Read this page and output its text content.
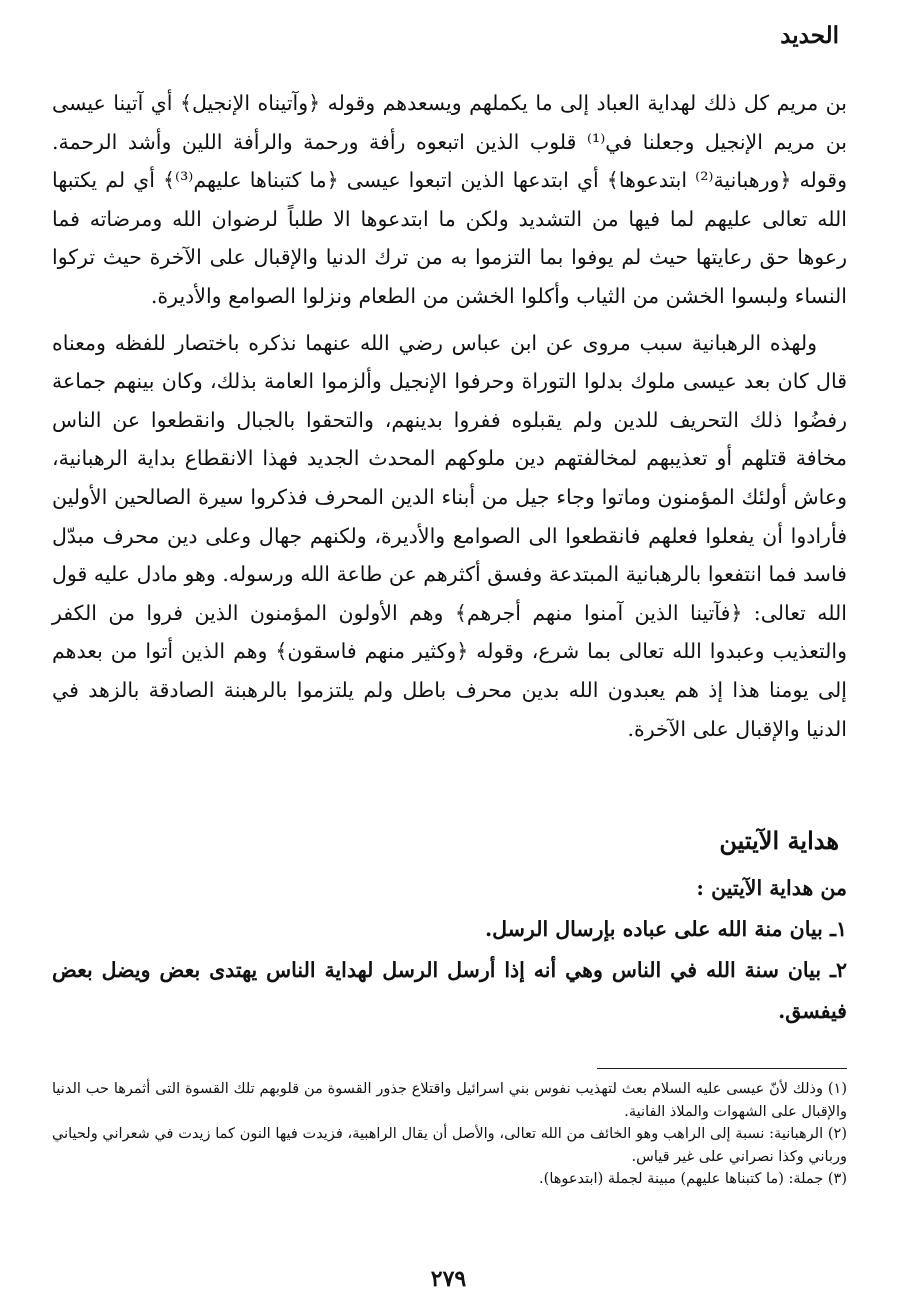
الحديد

بن مريم كل ذلك لهداية العباد إلى ما يكملهم ويسعدهم وقوله ﴿وآتيناه الإنجيل﴾ أي آتينا عيسى بن مريم الإنجيل وجعلنا في⁽¹⁾ قلوب الذين اتبعوه رأفة ورحمة والرأفة اللين وأشد الرحمة. وقوله ﴿ورهبانية⁽²⁾ ابتدعوها﴾ أي ابتدعها الذين اتبعوا عيسى ﴿ما كتبناها عليهم⁽³⁾﴾ أي لم يكتبها الله تعالى عليهم لما فيها من التشديد ولكن ما ابتدعوها الا طلباً لرضوان الله ومرضاته فما رعوها حق رعايتها حيث لم يوفوا بما التزموا به من ترك الدنيا والإقبال على الآخرة حيث تركوا النساء ولبسوا الخشن من الثياب وأكلوا الخشن من الطعام ونزلوا الصوامع والأديرة.

ولهذه الرهبانية سبب مروى عن ابن عباس رضي الله عنهما نذكره باختصار للفظه ومعناه قال كان بعد عيسى ملوك بدلوا التوراة وحرفوا الإنجيل وألزموا العامة بذلك، وكان بينهم جماعة رفضُوا ذلك التحريف للدين ولم يقبلوه ففروا بدينهم، والتحقوا بالجبال وانقطعوا عن الناس مخافة قتلهم أو تعذيبهم لمخالفتهم دين ملوكهم المحدث الجديد فهذا الانقطاع بداية الرهبانية، وعاش أولئك المؤمنون وماتوا وجاء جيل من أبناء الدين المحرف فذكروا سيرة الصالحين الأولين فأرادوا أن يفعلوا فعلهم فانقطعوا الى الصوامع والأديرة، ولكنهم جهال وعلى دين محرف مبدّل فاسد فما انتفعوا بالرهبانية المبتدعة وفسق أكثرهم عن طاعة الله ورسوله. وهو مادل عليه قول الله تعالى: ﴿فآتينا الذين آمنوا منهم أجرهم﴾ وهم الأولون المؤمنون الذين فروا من الكفر والتعذيب وعبدوا الله تعالى بما شرع، وقوله ﴿وكثير منهم فاسقون﴾ وهم الذين أتوا من بعدهم إلى يومنا هذا إذ هم يعبدون الله بدين محرف باطل ولم يلتزموا بالرهبنة الصادقة بالزهد في الدنيا والإقبال على الآخرة.

هداية الآيتين

من هداية الآيتين :

١ـ بيان منة الله على عباده بإرسال الرسل.

٢ـ بيان سنة الله في الناس وهي أنه إذا أرسل الرسل لهداية الناس يهتدى بعض ويضل بعض فيفسق.

(١) وذلك لأنّ عيسى عليه السلام بعث لتهذيب نفوس بني اسرائيل واقتلاع جذور القسوة من قلوبهم تلك القسوة التى أثمرها حب الدنيا والإقبال على الشهوات والملاذ الفانية.

(٢) الرهبانية: نسبة إلى الراهب وهو الخائف من الله تعالى، والأصل أن يقال الراهبية، فزيدت فيها النون كما زيدت في شعراني ولحياني ورباني وكذا نصراني على غير قياس.

(٣) جملة: (ما كتبناها عليهم) مبينة لجملة (ابتدعوها).

٢٧٩
